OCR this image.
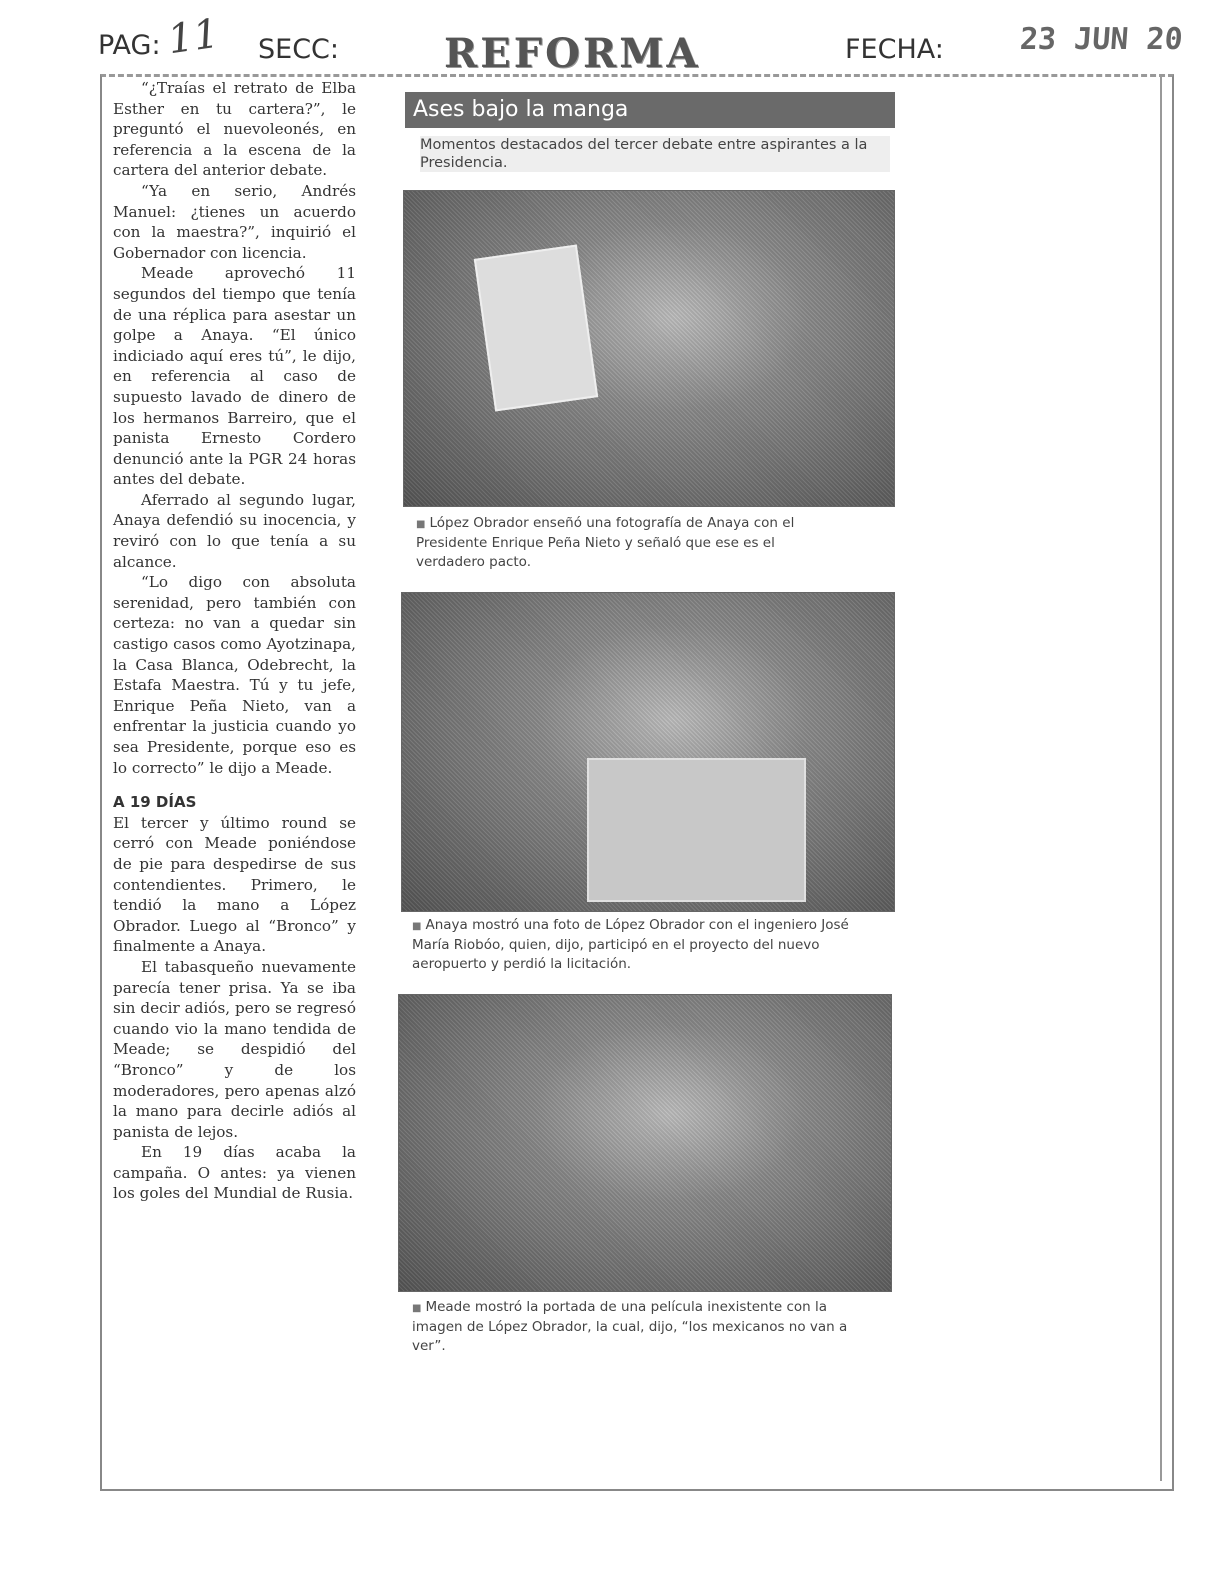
PAG: 11 SECC:	REFORMA	FECHA: 23 JUN 20

“¿Traías el retrato de Elba Esther en tu cartera?”, le preguntó el nuevoleonés, en referencia a la escena de la cartera del anterior debate.

“Ya en serio, Andrés Manuel: ¿tienes un acuerdo con la maestra?”, inquirió el Gobernador con licencia.

Meade aprovechó 11 segundos del tiempo que tenía de una réplica para asestar un golpe a Anaya. “El único indiciado aquí eres tú”, le dijo, en referencia al caso de supuesto lavado de dinero de los hermanos Barreiro, que el panista Ernesto Cordero denunció ante la PGR 24 horas antes del debate.

Aferrado al segundo lugar, Anaya defendió su inocencia, y reviró con lo que tenía a su alcance.

“Lo digo con absoluta serenidad, pero también con certeza: no van a quedar sin castigo casos como Ayotzinapa, la Casa Blanca, Odebrecht, la Estafa Maestra. Tú y tu jefe, Enrique Peña Nieto, van a enfrentar la justicia cuando yo sea Presidente, porque eso es lo correcto” le dijo a Meade.

A 19 DÍAS

El tercer y último round se cerró con Meade poniéndose de pie para despedirse de sus contendientes. Primero, le tendió la mano a López Obrador. Luego al “Bronco” y finalmente a Anaya.

El tabasqueño nuevamente parecía tener prisa. Ya se iba sin decir adiós, pero se regresó cuando vio la mano tendida de Meade; se despidió del “Bronco” y de los moderadores, pero apenas alzó la mano para decirle adiós al panista de lejos.

En 19 días acaba la campaña. O antes: ya vienen los goles del Mundial de Rusia.

Ases bajo la manga
Momentos destacados del tercer debate entre aspirantes a la Presidencia.
■ López Obrador enseñó una fotografía de Anaya con el Presidente Enrique Peña Nieto y señaló que ese es el verdadero pacto.
■ Anaya mostró una foto de López Obrador con el ingeniero José María Riobóo, quien, dijo, participó en el proyecto del nuevo aeropuerto y perdió la licitación.
■ Meade mostró la portada de una película inexistente con la imagen de López Obrador, la cual, dijo, “los mexicanos no van a ver”.
